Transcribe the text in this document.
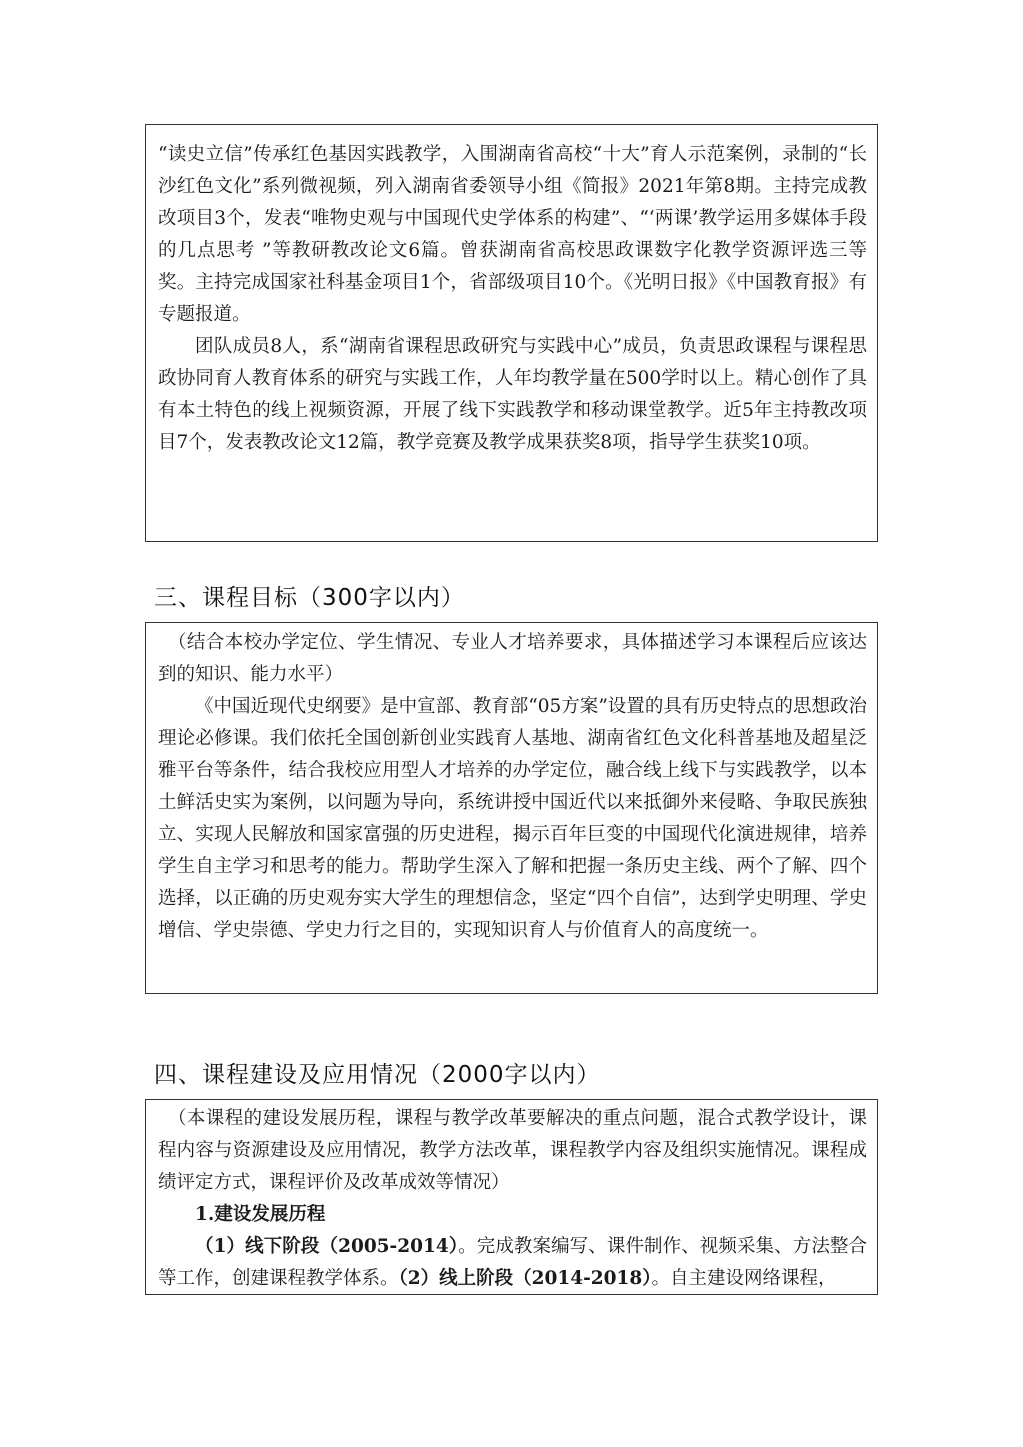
“读史立信”传承红色基因实践教学，入围湖南省高校“十大”育人示范案例，录制的“长沙红色文化”系列微视频，列入湖南省委领导小组《简报》2021年第8期。主持完成教改项目3个，发表“唯物史观与中国现代史学体系的构建”、“‘两课’教学运用多媒体手段的几点思考 ”等教研教改论文6篇。曾获湖南省高校思政课数字化教学资源评选三等奖。主持完成国家社科基金项目1个，省部级项目10个。《光明日报》《中国教育报》有专题报道。

团队成员8人，系“湖南省课程思政研究与实践中心”成员，负责思政课程与课程思政协同育人教育体系的研究与实践工作，人年均教学量在500学时以上。精心创作了具有本土特色的线上视频资源，开展了线下实践教学和移动课堂教学。近5年主持教改项目7个，发表教改论文12篇，教学竞赛及教学成果获奖8项，指导学生获奖10项。

三、课程目标（300字以内）

（结合本校办学定位、学生情况、专业人才培养要求，具体描述学习本课程后应该达到的知识、能力水平）

《中国近现代史纲要》是中宣部、教育部“05方案”设置的具有历史特点的思想政治理论必修课。我们依托全国创新创业实践育人基地、湖南省红色文化科普基地及超星泛雅平台等条件，结合我校应用型人才培养的办学定位，融合线上线下与实践教学，以本土鲜活史实为案例，以问题为导向，系统讲授中国近代以来抵御外来侵略、争取民族独立、实现人民解放和国家富强的历史进程，揭示百年巨变的中国现代化演进规律，培养学生自主学习和思考的能力。帮助学生深入了解和把握一条历史主线、两个了解、四个选择，以正确的历史观夯实大学生的理想信念，坚定“四个自信”，达到学史明理、学史增信、学史崇德、学史力行之目的，实现知识育人与价值育人的高度统一。

四、课程建设及应用情况（2000字以内）

（本课程的建设发展历程，课程与教学改革要解决的重点问题，混合式教学设计，课程内容与资源建设及应用情况，教学方法改革，课程教学内容及组织实施情况。课程成绩评定方式，课程评价及改革成效等情况）

1.建设发展历程

（1）线下阶段（2005-2014）。完成教案编写、课件制作、视频采集、方法整合等工作，创建课程教学体系。（2）线上阶段（2014-2018）。自主建设网络课程，
